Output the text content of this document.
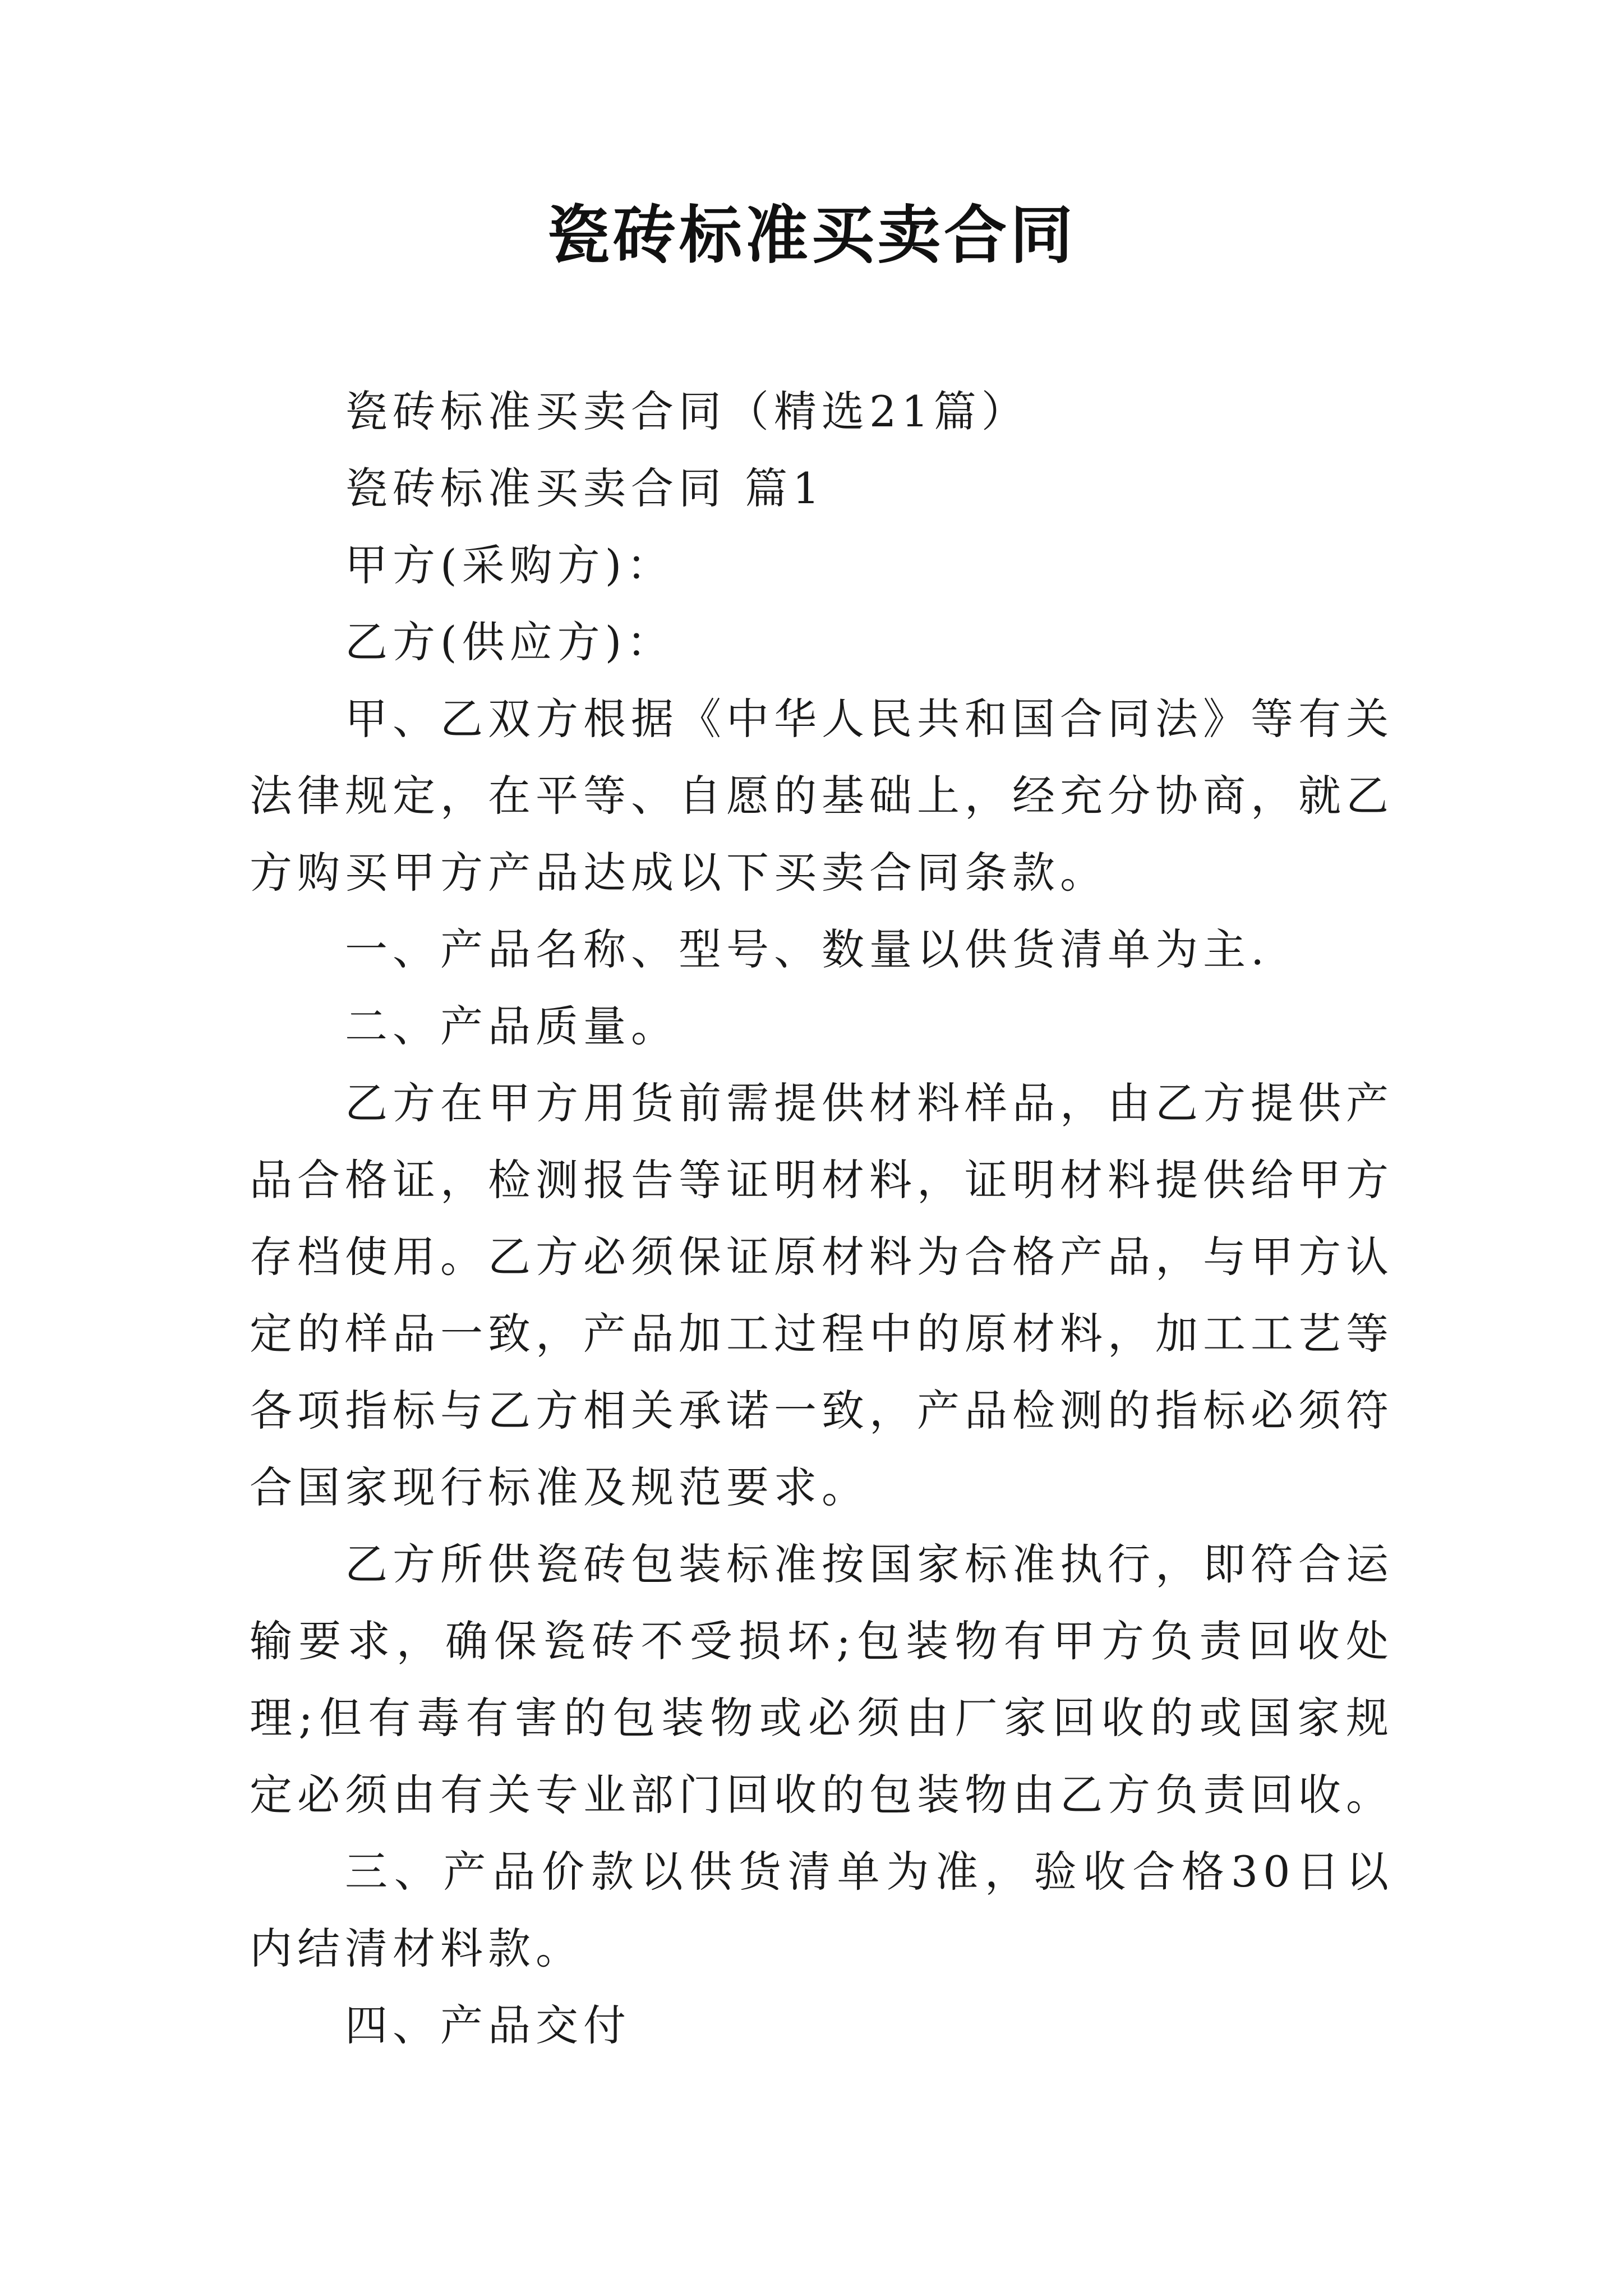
瓷砖标准买卖合同

瓷砖标准买卖合同（精选21篇）

瓷砖标准买卖合同 篇1

甲方(采购方)：

乙方(供应方)：

甲、乙双方根据《中华人民共和国合同法》等有关法律规定，在平等、自愿的基础上，经充分协商，就乙方购买甲方产品达成以下买卖合同条款。

一、产品名称、型号、数量以供货清单为主.

二、产品质量。

乙方在甲方用货前需提供材料样品，由乙方提供产品合格证，检测报告等证明材料，证明材料提供给甲方存档使用。乙方必须保证原材料为合格产品，与甲方认定的样品一致，产品加工过程中的原材料，加工工艺等各项指标与乙方相关承诺一致，产品检测的指标必须符合国家现行标准及规范要求。

乙方所供瓷砖包装标准按国家标准执行，即符合运输要求，确保瓷砖不受损坏;包装物有甲方负责回收处理;但有毒有害的包装物或必须由厂家回收的或国家规定必须由有关专业部门回收的包装物由乙方负责回收。

三、产品价款以供货清单为准，验收合格30日以内结清材料款。

四、产品交付
